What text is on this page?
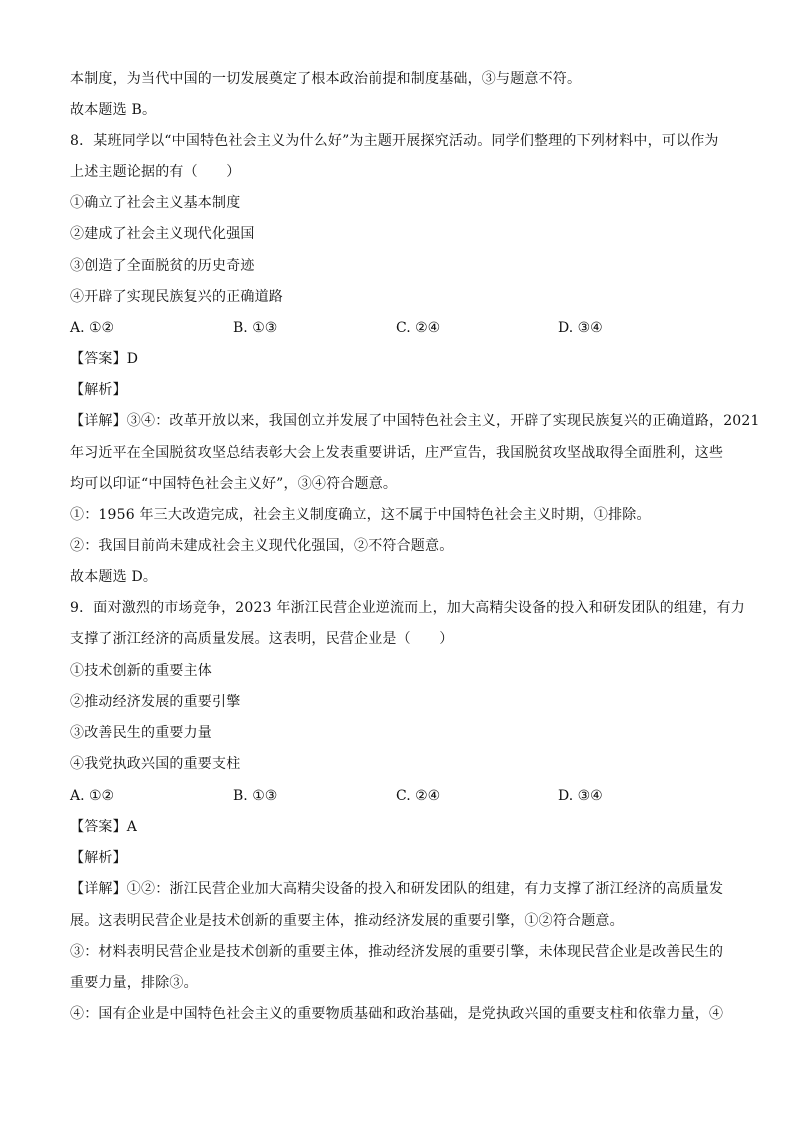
本制度，为当代中国的一切发展奠定了根本政治前提和制度基础，③与题意不符。
故本题选 B。
8．某班同学以“中国特色社会主义为什么好”为主题开展探究活动。同学们整理的下列材料中，可以作为
上述主题论据的有（　　）
①确立了社会主义基本制度
②建成了社会主义现代化强国
③创造了全面脱贫的历史奇迹
④开辟了实现民族复兴的正确道路
A. ①②	B. ①③	C. ②④	D. ③④
【答案】D
【解析】
【详解】③④：改革开放以来，我国创立并发展了中国特色社会主义，开辟了实现民族复兴的正确道路，2021
年习近平在全国脱贫攻坚总结表彰大会上发表重要讲话，庄严宣告，我国脱贫攻坚战取得全面胜利，这些
均可以印证“中国特色社会主义好”，③④符合题意。
①：1956 年三大改造完成，社会主义制度确立，这不属于中国特色社会主义时期，①排除。
②：我国目前尚未建成社会主义现代化强国，②不符合题意。
故本题选 D。
9．面对激烈的市场竞争，2023 年浙江民营企业逆流而上，加大高精尖设备的投入和研发团队的组建，有力
支撑了浙江经济的高质量发展。这表明，民营企业是（　　）
①技术创新的重要主体
②推动经济发展的重要引擎
③改善民生的重要力量
④我党执政兴国的重要支柱
A. ①②	B. ①③	C. ②④	D. ③④
【答案】A
【解析】
【详解】①②：浙江民营企业加大高精尖设备的投入和研发团队的组建，有力支撑了浙江经济的高质量发
展。这表明民营企业是技术创新的重要主体，推动经济发展的重要引擎，①②符合题意。
③：材料表明民营企业是技术创新的重要主体，推动经济发展的重要引擎，未体现民营企业是改善民生的
重要力量，排除③。
④：国有企业是中国特色社会主义的重要物质基础和政治基础，是党执政兴国的重要支柱和依靠力量，④
